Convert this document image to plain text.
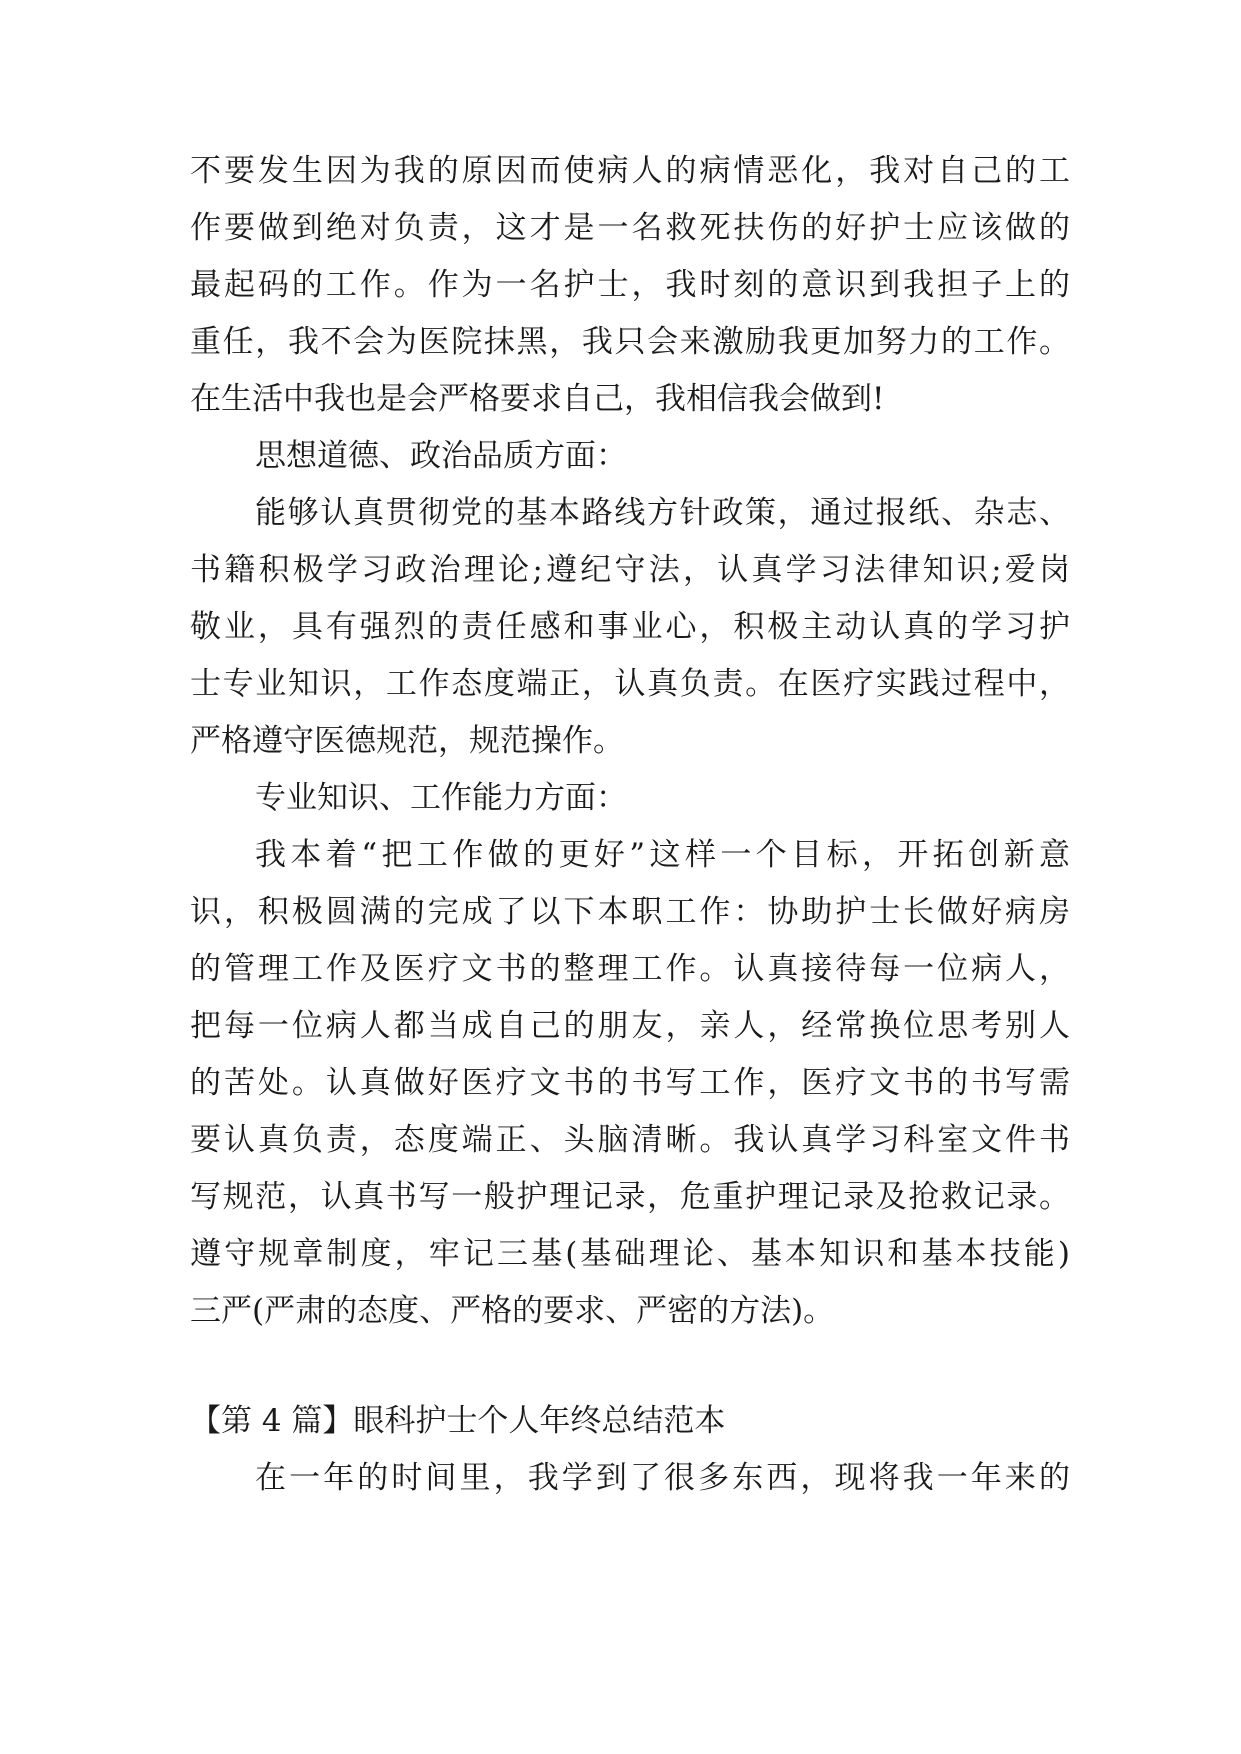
不要发生因为我的原因而使病人的病情恶化，我对自己的工
作要做到绝对负责，这才是一名救死扶伤的好护士应该做的
最起码的工作。作为一名护士，我时刻的意识到我担子上的
重任，我不会为医院抹黑，我只会来激励我更加努力的工作。
在生活中我也是会严格要求自己，我相信我会做到!
思想道德、政治品质方面：
能够认真贯彻党的基本路线方针政策，通过报纸、杂志、
书籍积极学习政治理论;遵纪守法，认真学习法律知识;爱岗
敬业，具有强烈的责任感和事业心，积极主动认真的学习护
士专业知识，工作态度端正，认真负责。在医疗实践过程中，
严格遵守医德规范，规范操作。
专业知识、工作能力方面：
我本着“把工作做的更好”这样一个目标，开拓创新意
识，积极圆满的完成了以下本职工作：协助护士长做好病房
的管理工作及医疗文书的整理工作。认真接待每一位病人，
把每一位病人都当成自己的朋友，亲人，经常换位思考别人
的苦处。认真做好医疗文书的书写工作，医疗文书的书写需
要认真负责，态度端正、头脑清晰。我认真学习科室文件书
写规范，认真书写一般护理记录，危重护理记录及抢救记录。
遵守规章制度，牢记三基(基础理论、基本知识和基本技能)
三严(严肃的态度、严格的要求、严密的方法)。
【第 4 篇】眼科护士个人年终总结范本
在一年的时间里，我学到了很多东西，现将我一年来的
